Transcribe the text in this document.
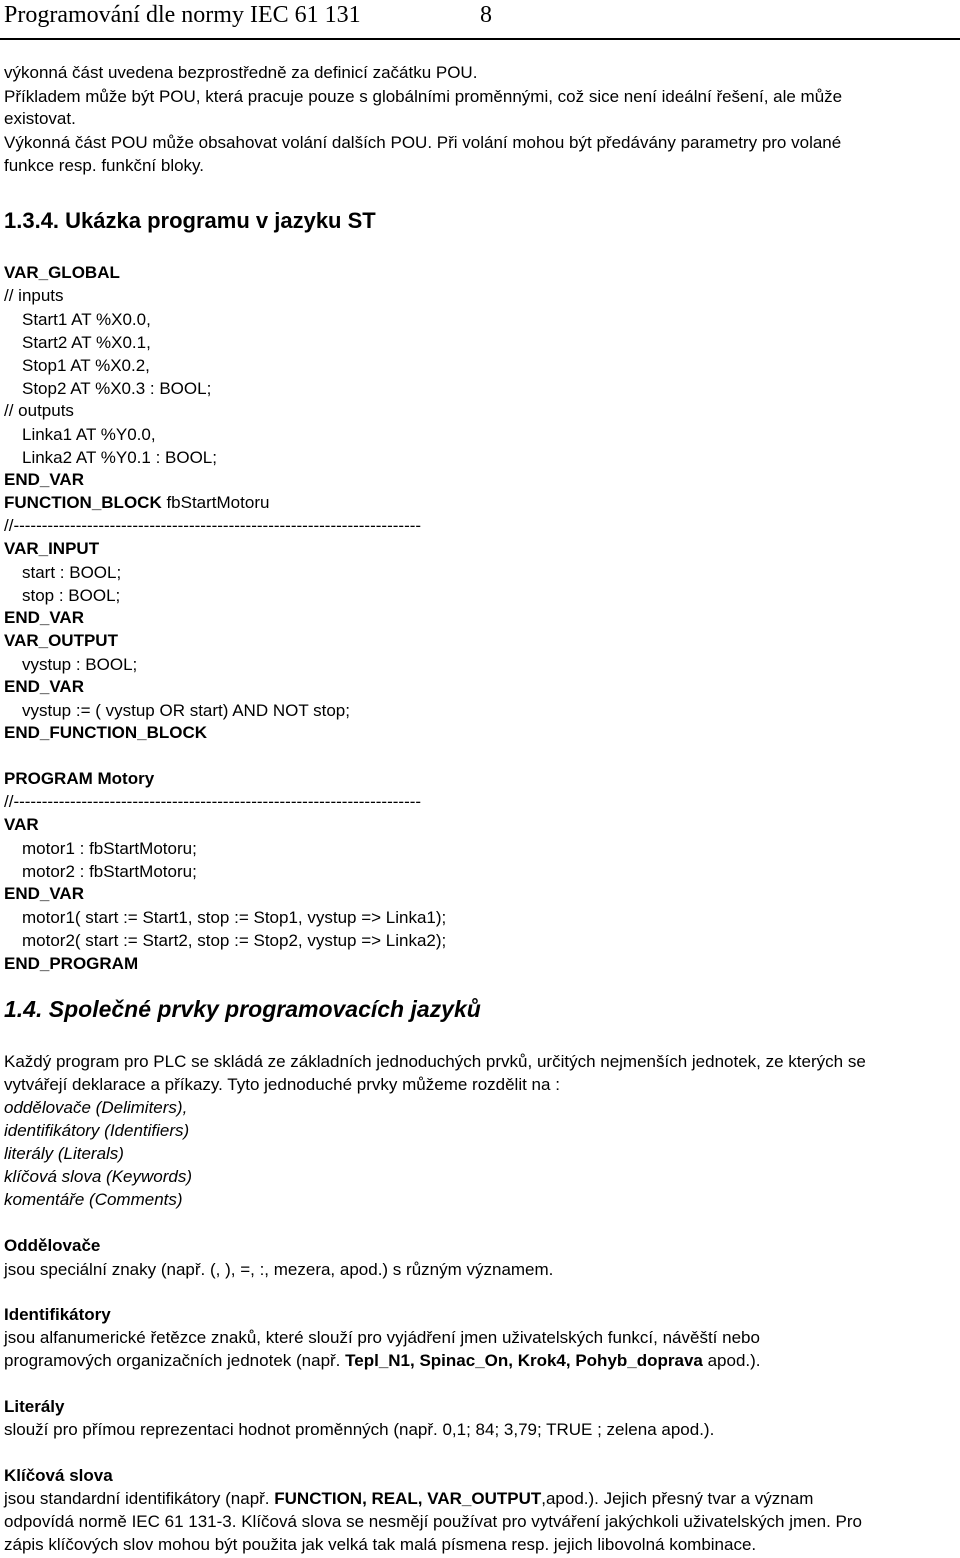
Programování dle normy IEC 61 131	8
výkonná část uvedena bezprostředně za definicí začátku POU.
Příkladem může být POU, která pracuje pouze s globálními proměnnými, což sice není ideální řešení, ale může
existovat.
Výkonná část POU může obsahovat volání dalších POU. Při volání mohou být předávány parametry pro volané
funkce resp. funkční bloky.
1.3.4. Ukázka programu v jazyku ST
VAR_GLOBAL
// inputs
Start1 AT %X0.0,
Start2 AT %X0.1,
Stop1 AT %X0.2,
Stop2 AT %X0.3 : BOOL;
// outputs
Linka1 AT %Y0.0,
Linka2 AT %Y0.1 : BOOL;
END_VAR
FUNCTION_BLOCK fbStartMotoru
//------------------------------------------------------------------------
VAR_INPUT
start : BOOL;
stop : BOOL;
END_VAR
VAR_OUTPUT
vystup : BOOL;
END_VAR
vystup := ( vystup OR start) AND NOT stop;
END_FUNCTION_BLOCK
PROGRAM Motory
//------------------------------------------------------------------------
VAR
motor1 : fbStartMotoru;
motor2 : fbStartMotoru;
END_VAR
motor1( start := Start1, stop := Stop1, vystup => Linka1);
motor2( start := Start2, stop := Stop2, vystup => Linka2);
END_PROGRAM
1.4. Společné prvky programovacích jazyků
Každý program pro PLC se skládá ze základních jednoduchých prvků, určitých nejmenších jednotek, ze kterých se
vytvářejí deklarace a příkazy. Tyto jednoduché prvky můžeme rozdělit na :
oddělovače (Delimiters),
identifikátory (Identifiers)
literály (Literals)
klíčová slova (Keywords)
komentáře (Comments)
Oddělovače
jsou speciální znaky (např. (, ), =, :, mezera, apod.) s různým významem.
Identifikátory
jsou alfanumerické řetězce znaků, které slouží pro vyjádření jmen uživatelských funkcí, návěští nebo
programových organizačních jednotek (např. Tepl_N1, Spinac_On, Krok4, Pohyb_doprava apod.).
Literály
slouží pro přímou reprezentaci hodnot proměnných (např. 0,1; 84; 3,79; TRUE ; zelena apod.).
Klíčová slova
jsou standardní identifikátory (např. FUNCTION, REAL, VAR_OUTPUT,apod.). Jejich přesný tvar a význam
odpovídá normě IEC 61 131-3. Klíčová slova se nesmějí používat pro vytváření jakýchkoli uživatelských jmen. Pro
zápis klíčových slov mohou být použita jak velká tak malá písmena resp. jejich libovolná kombinace.
